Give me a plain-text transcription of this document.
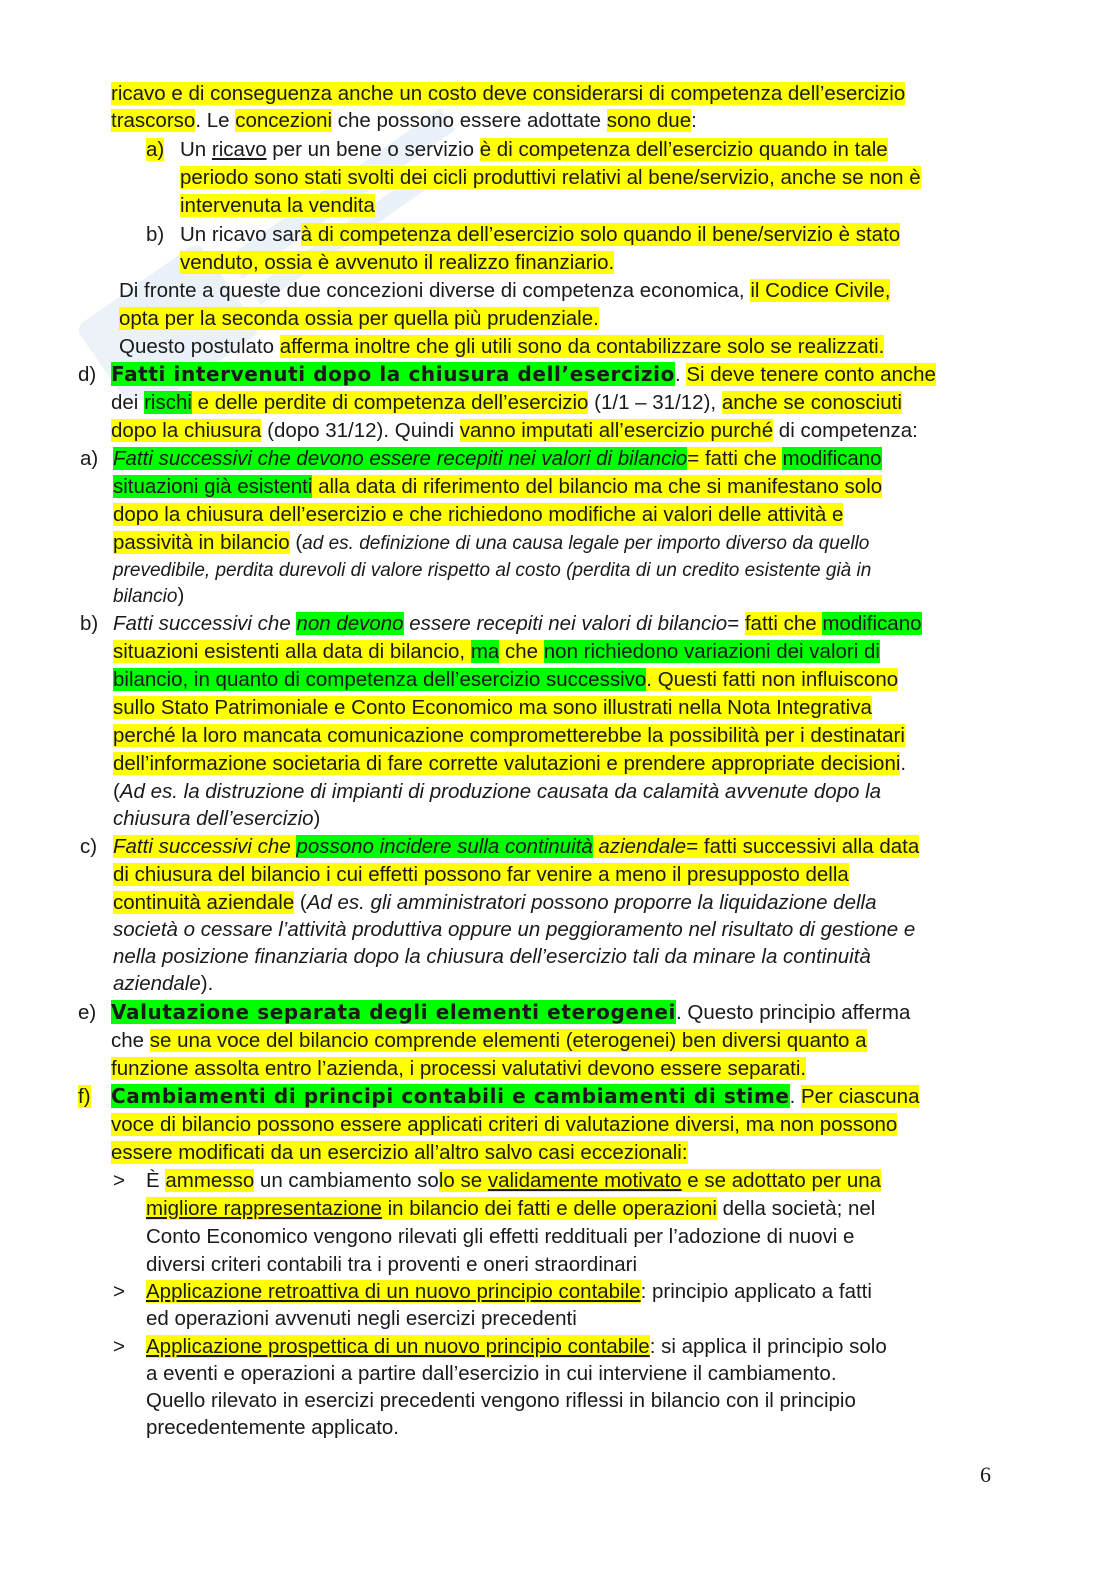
ricavo e di conseguenza anche un costo deve considerarsi di competenza dell’esercizio
trascorso. Le concezioni che possono essere adottate sono due:
a) Un ricavo per un bene o servizio è di competenza dell’esercizio quando in tale
periodo sono stati svolti dei cicli produttivi relativi al bene/servizio, anche se non è
intervenuta la vendita
b) Un ricavo sarà di competenza dell’esercizio solo quando il bene/servizio è stato
venduto, ossia è avvenuto il realizzo finanziario.
Di fronte a queste due concezioni diverse di competenza economica, il Codice Civile,
opta per la seconda ossia per quella più prudenziale.
Questo postulato afferma inoltre che gli utili sono da contabilizzare solo se realizzati.
d) Fatti intervenuti dopo la chiusura dell’esercizio. Si deve tenere conto anche
dei rischi e delle perdite di competenza dell’esercizio (1/1 – 31/12), anche se conosciuti
dopo la chiusura (dopo 31/12). Quindi vanno imputati all’esercizio purché di competenza:
a) Fatti successivi che devono essere recepiti nei valori di bilancio= fatti che modificano
situazioni già esistenti alla data di riferimento del bilancio ma che si manifestano solo
dopo la chiusura dell’esercizio e che richiedono modifiche ai valori delle attività e
passività in bilancio (ad es. definizione di una causa legale per importo diverso da quello
prevedibile, perdita durevoli di valore rispetto al costo (perdita di un credito esistente già in
bilancio)
b) Fatti successivi che non devono essere recepiti nei valori di bilancio= fatti che modificano
situazioni esistenti alla data di bilancio, ma che non richiedono variazioni dei valori di
bilancio, in quanto di competenza dell’esercizio successivo. Questi fatti non influiscono
sullo Stato Patrimoniale e Conto Economico ma sono illustrati nella Nota Integrativa
perché la loro mancata comunicazione comprometterebbe la possibilità per i destinatari
dell’informazione societaria di fare corrette valutazioni e prendere appropriate decisioni.
(Ad es. la distruzione di impianti di produzione causata da calamità avvenute dopo la
chiusura dell’esercizio)
c) Fatti successivi che possono incidere sulla continuità aziendale= fatti successivi alla data
di chiusura del bilancio i cui effetti possono far venire a meno il presupposto della
continuità aziendale (Ad es. gli amministratori possono proporre la liquidazione della
società o cessare l’attività produttiva oppure un peggioramento nel risultato di gestione e
nella posizione finanziaria dopo la chiusura dell’esercizio tali da minare la continuità
aziendale).
e) Valutazione separata degli elementi eterogenei. Questo principio afferma
che se una voce del bilancio comprende elementi (eterogenei) ben diversi quanto a
funzione assolta entro l’azienda, i processi valutativi devono essere separati.
f) Cambiamenti di principi contabili e cambiamenti di stime. Per ciascuna
voce di bilancio possono essere applicati criteri di valutazione diversi, ma non possono
essere modificati da un esercizio all’altro salvo casi eccezionali:
> È ammesso un cambiamento solo se validamente motivato e se adottato per una
migliore rappresentazione in bilancio dei fatti e delle operazioni della società; nel
Conto Economico vengono rilevati gli effetti reddituali per l’adozione di nuovi e
diversi criteri contabili tra i proventi e oneri straordinari
> Applicazione retroattiva di un nuovo principio contabile: principio applicato a fatti
ed operazioni avvenuti negli esercizi precedenti
> Applicazione prospettica di un nuovo principio contabile: si applica il principio solo
a eventi e operazioni a partire dall’esercizio in cui interviene il cambiamento.
Quello rilevato in esercizi precedenti vengono riflessi in bilancio con il principio
precedentemente applicato.
6
